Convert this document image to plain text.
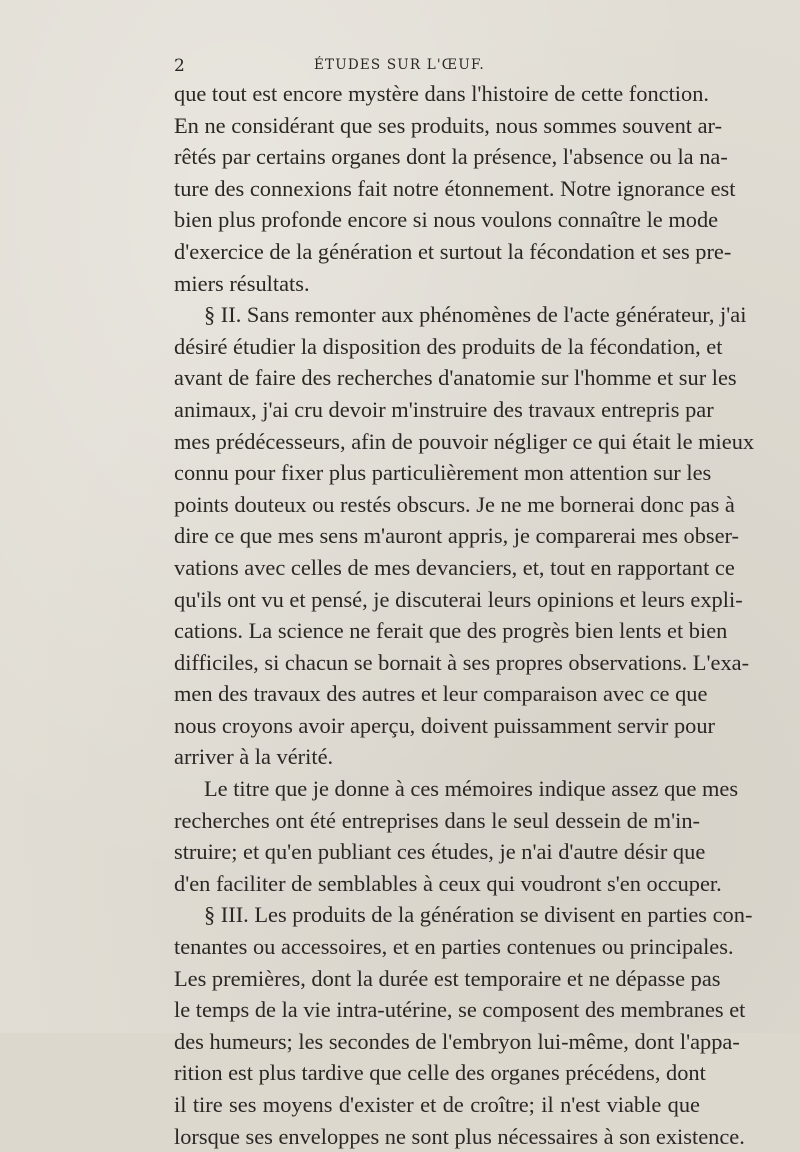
2	ÉTUDES SUR L'ŒUF.
que tout est encore mystère dans l'histoire de cette fonction.
En ne considérant que ses produits, nous sommes souvent ar-
rêtés par certains organes dont la présence, l'absence ou la na-
ture des connexions fait notre étonnement. Notre ignorance est
bien plus profonde encore si nous voulons connaître le mode
d'exercice de la génération et surtout la fécondation et ses pre-
miers résultats.
§ II. Sans remonter aux phénomènes de l'acte générateur, j'ai
désiré étudier la disposition des produits de la fécondation, et
avant de faire des recherches d'anatomie sur l'homme et sur les
animaux, j'ai cru devoir m'instruire des travaux entrepris par
mes prédécesseurs, afin de pouvoir négliger ce qui était le mieux
connu pour fixer plus particulièrement mon attention sur les
points douteux ou restés obscurs. Je ne me bornerai donc pas à
dire ce que mes sens m'auront appris, je comparerai mes obser-
vations avec celles de mes devanciers, et, tout en rapportant ce
qu'ils ont vu et pensé, je discuterai leurs opinions et leurs expli-
cations. La science ne ferait que des progrès bien lents et bien
difficiles, si chacun se bornait à ses propres observations. L'exa-
men des travaux des autres et leur comparaison avec ce que
nous croyons avoir aperçu, doivent puissamment servir pour
arriver à la vérité.
Le titre que je donne à ces mémoires indique assez que mes
recherches ont été entreprises dans le seul dessein de m'in-
struire; et qu'en publiant ces études, je n'ai d'autre désir que
d'en faciliter de semblables à ceux qui voudront s'en occuper.
§ III. Les produits de la génération se divisent en parties con-
tenantes ou accessoires, et en parties contenues ou principales.
Les premières, dont la durée est temporaire et ne dépasse pas
le temps de la vie intra-utérine, se composent des membranes et
des humeurs; les secondes de l'embryon lui-même, dont l'appa-
rition est plus tardive que celle des organes précédens, dont
il tire ses moyens d'exister et de croître; il n'est viable que
lorsque ses enveloppes ne sont plus nécessaires à son existence.
